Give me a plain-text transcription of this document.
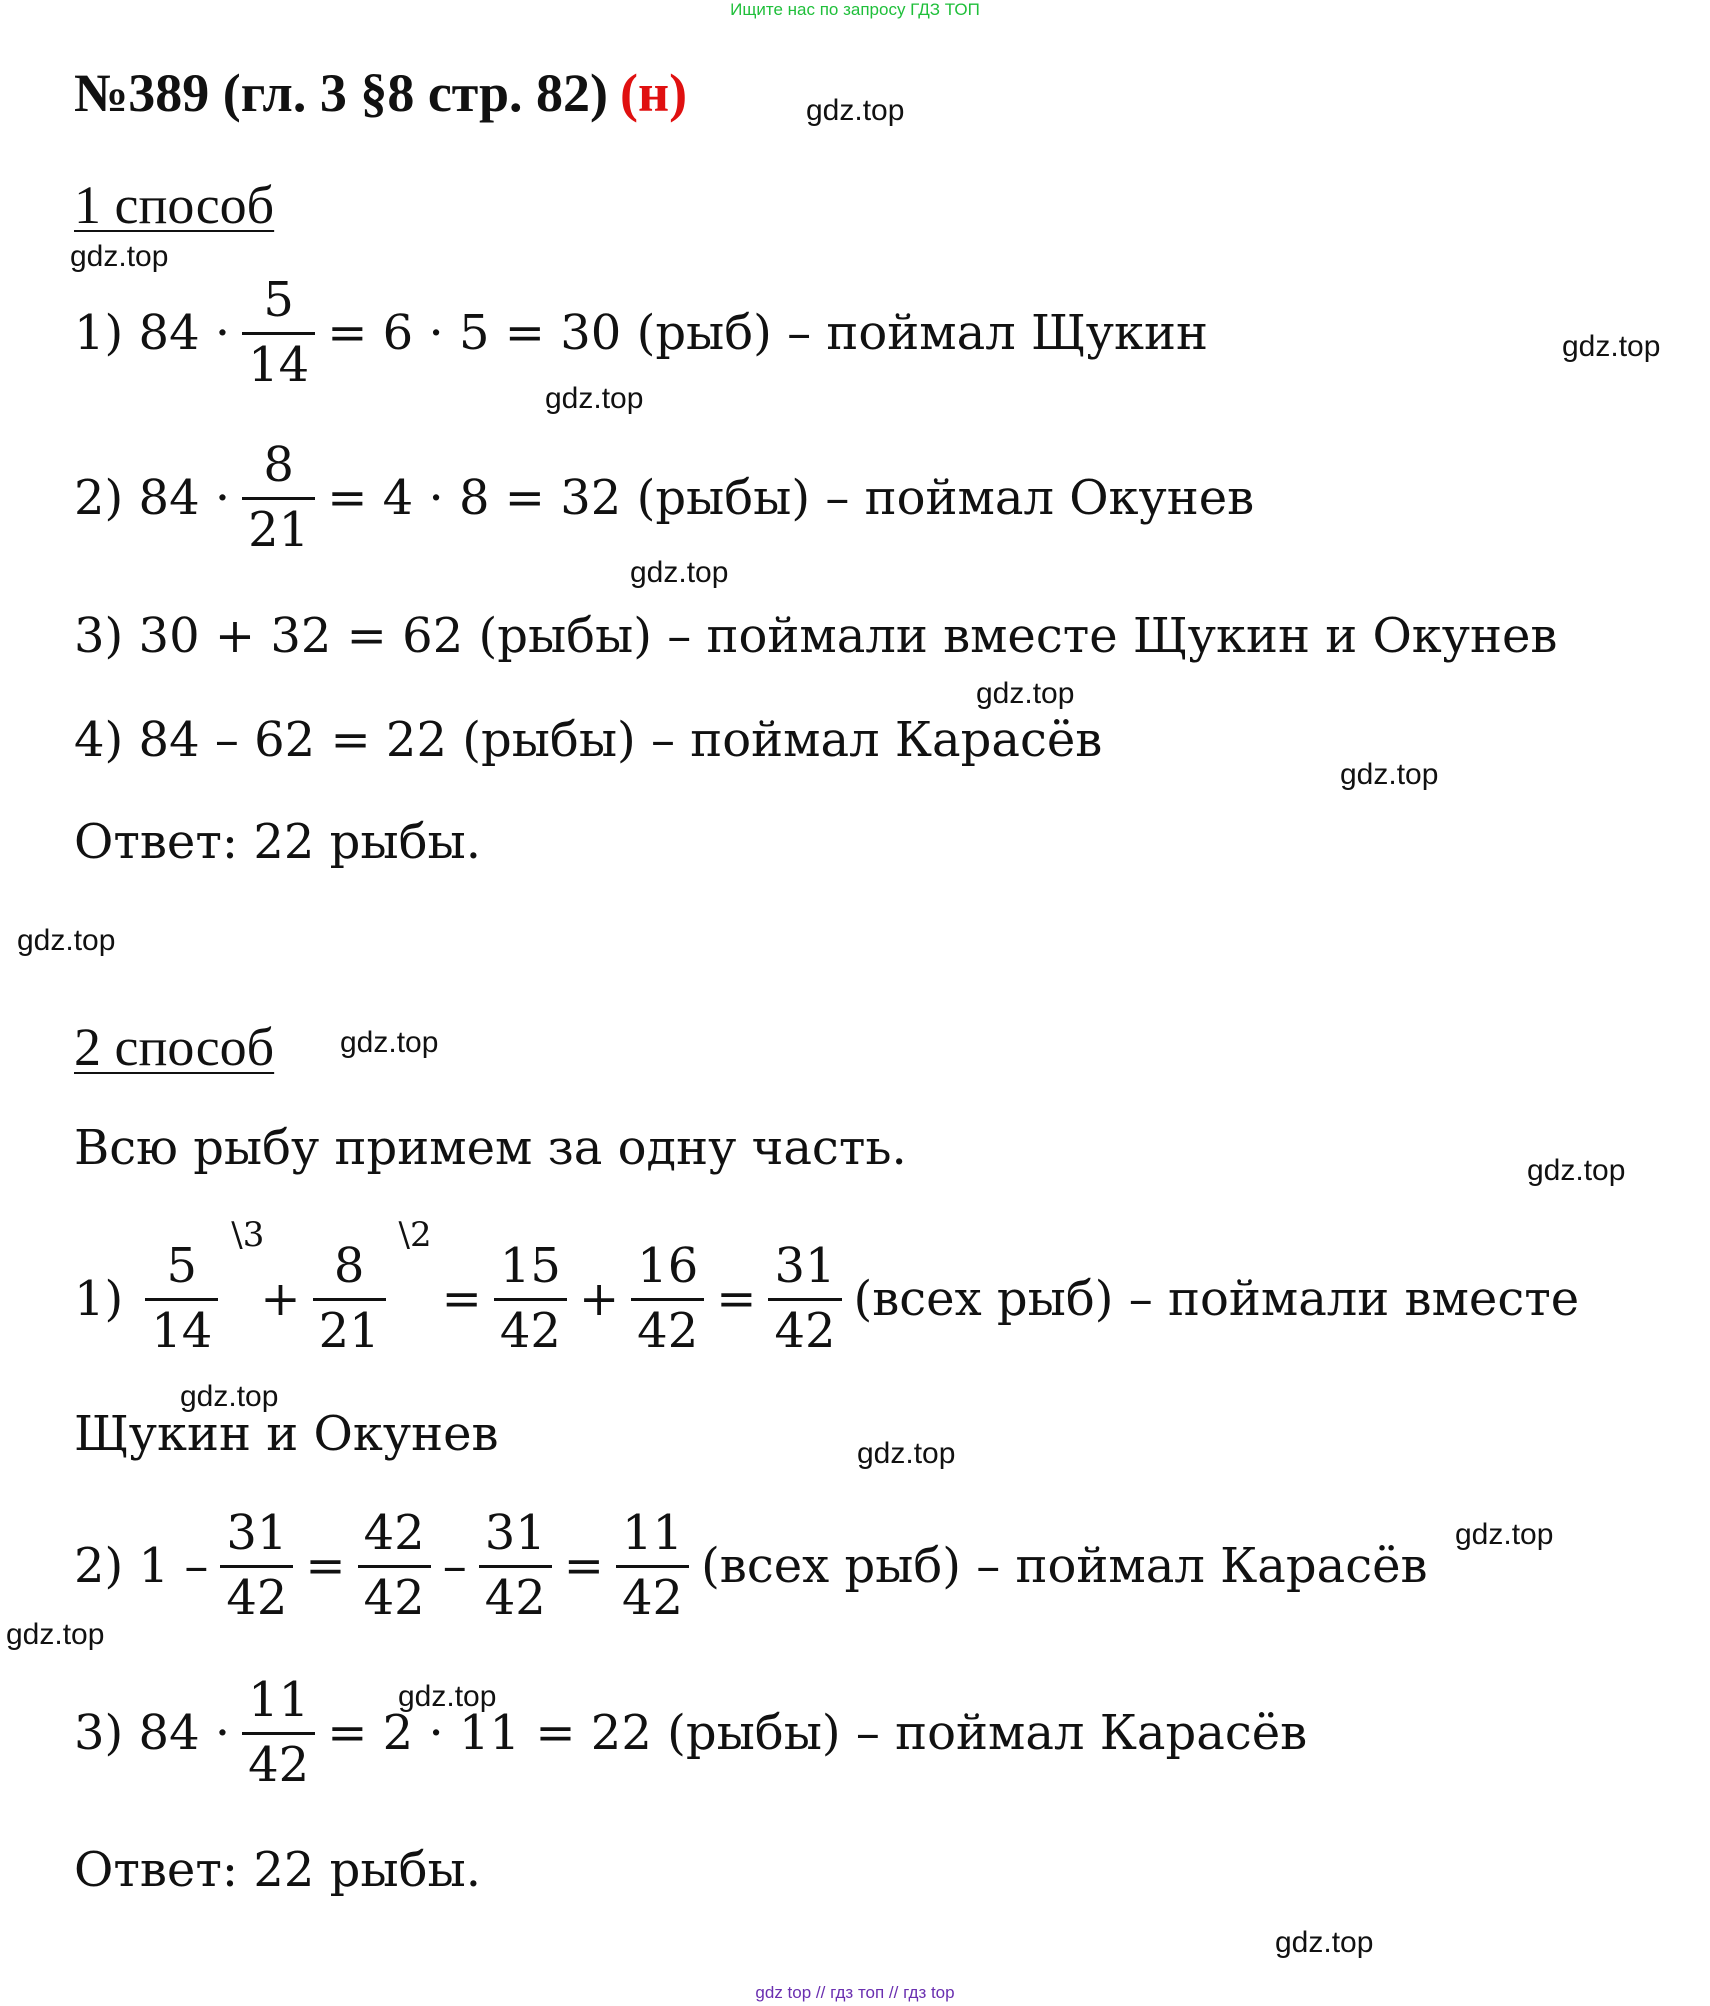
Ищите нас по запросу ГДЗ ТОП
№389 (гл. 3 §8 стр. 82) (н)
1 способ
1) $84 \cdot \frac{5}{14} = 6 \cdot 5 = 30$ (рыб) – поймал Щукин
2) $84 \cdot \frac{8}{21} = 4 \cdot 8 = 32$ (рыбы) – поймал Окунев
3) 30 + 32 = 62 (рыбы) – поймали вместе Щукин и Окунев
4) 84 – 62 = 22 (рыбы) – поймал Карасёв
Ответ: 22 рыбы.
2 способ
Всю рыбу примем за одну часть.
1)
5
14
\3
+
8
21
\2
= $\frac{15}{42} + \frac{16}{42} = \frac{31}{42}$ (всех рыб) – поймали вместе
Щукин и Окунев
2) $1 - \frac{31}{42} = \frac{42}{42} - \frac{31}{42} = \frac{11}{42}$ (всех рыб) – поймал Карасёв
3) $84 \cdot \frac{11}{42} = 2 \cdot 11 = 22$ (рыбы) – поймал Карасёв
Ответ: 22 рыбы.
gdz.top
gdz.top
gdz.top
gdz.top
gdz.top
gdz.top
gdz.top
gdz.top
gdz.top
gdz.top
gdz.top
gdz.top
gdz.top
gdz.top
gdz.top
gdz.top
gdz top // гдз топ // гдз top
